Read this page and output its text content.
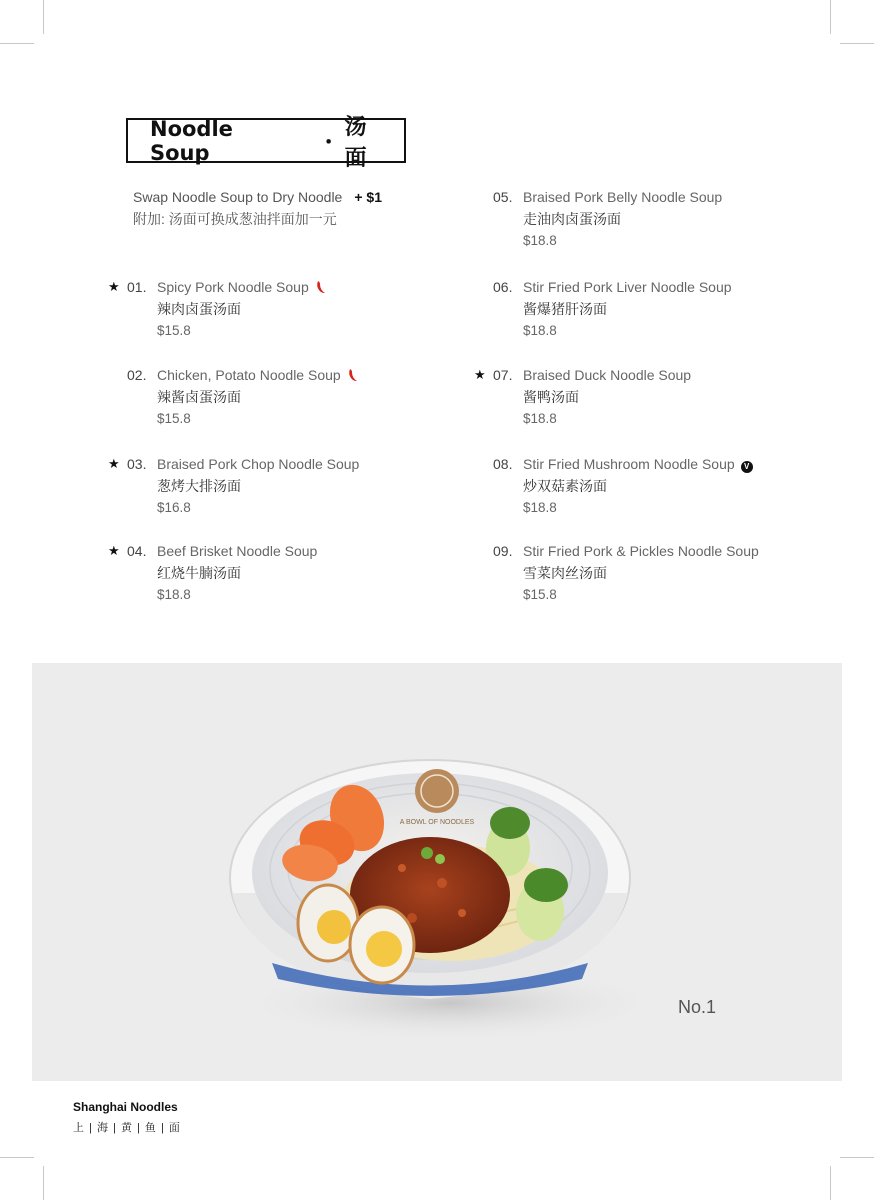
Noodle Soup	・
汤 面
Swap Noodle Soup to Dry Noodle + $1
附加: 汤面可换成葱油拌面加一元
★ 01. Spicy Pork Noodle Soup
辣肉卤蛋汤面
$15.8
02. Chicken, Potato Noodle Soup
辣酱卤蛋汤面
$15.8
★ 03. Braised Pork Chop Noodle Soup
葱烤大排汤面
$16.8
★ 04. Beef Brisket Noodle Soup
红烧牛腩汤面
$18.8
05. Braised Pork Belly Noodle Soup
走油肉卤蛋汤面
$18.8
06. Stir Fried Pork Liver Noodle Soup
酱爆猪肝汤面
$18.8
★ 07. Braised Duck Noodle Soup
酱鸭汤面
$18.8
08. Stir Fried Mushroom Noodle Soup V
炒双菇素汤面
$18.8
09. Stir Fried Pork & Pickles Noodle Soup
雪菜肉丝汤面
$15.8
A BOWL OF NOODLES
No.1
Shanghai Noodles
上 | 海 | 黄 | 鱼 | 面
